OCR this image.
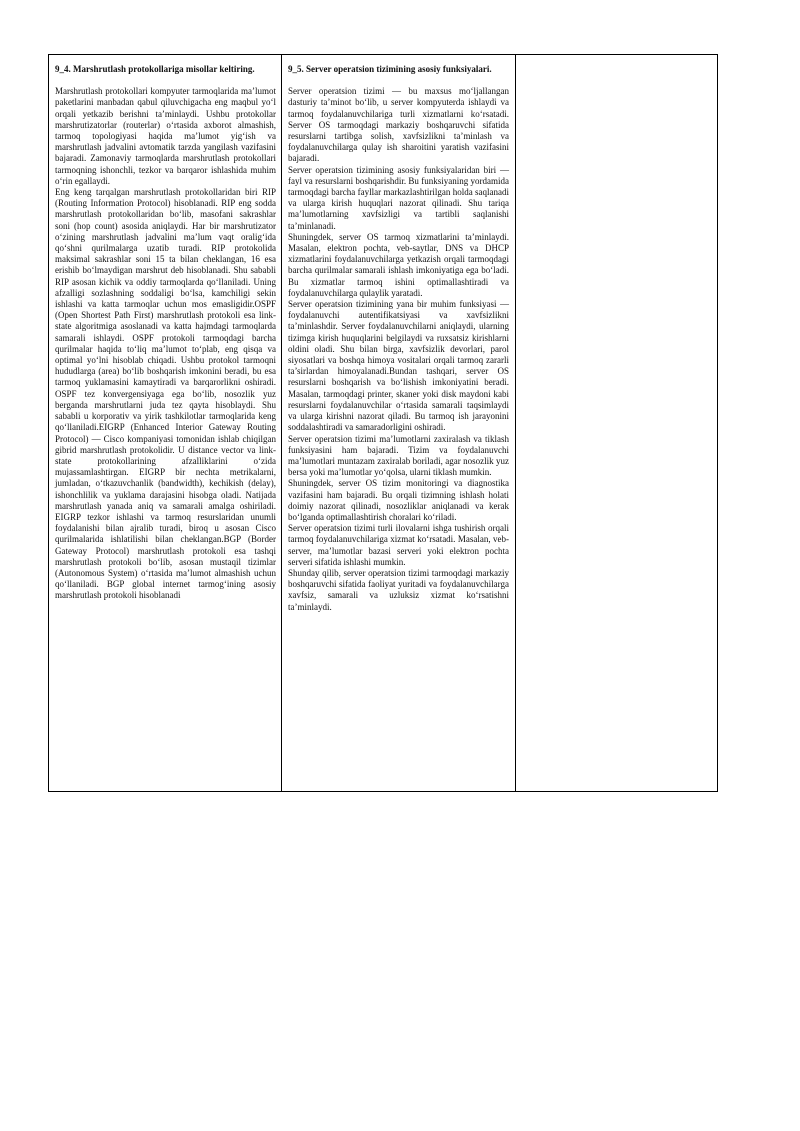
9_4. Marshrutlash protokollariga misollar keltiring.

Marshrutlash protokollari kompyuter tarmoqlarida ma’lumot paketlarini manbadan qabul qiluvchigacha eng maqbul yo‘l orqali yetkazib berishni ta’minlaydi. Ushbu protokollar marshrutizatorlar (routerlar) o‘rtasida axborot almashish, tarmoq topologiyasi haqida ma’lumot yig‘ish va marshrutlash jadvalini avtomatik tarzda yangilash vazifasini bajaradi. Zamonaviy tarmoqlarda marshrutlash protokollari tarmoqning ishonchli, tezkor va barqaror ishlashida muhim o‘rin egallaydi.

Eng keng tarqalgan marshrutlash protokollaridan biri RIP (Routing Information Protocol) hisoblanadi. RIP eng sodda marshrutlash protokollaridan bo‘lib, masofani sakrashlar soni (hop count) asosida aniqlaydi. Har bir marshrutizator o‘zining marshrutlash jadvalini ma’lum vaqt oralig‘ida qo‘shni qurilmalarga uzatib turadi. RIP protokolida maksimal sakrashlar soni 15 ta bilan cheklangan, 16 esa erishib bo‘lmaydigan marshrut deb hisoblanadi. Shu sababli RIP asosan kichik va oddiy tarmoqlarda qo‘llaniladi. Uning afzalligi sozlashning soddaligi bo‘lsa, kamchiligi sekin ishlashi va katta tarmoqlar uchun mos emasligidir.OSPF (Open Shortest Path First) marshrutlash protokoli esa link-state algoritmiga asoslanadi va katta hajmdagi tarmoqlarda samarali ishlaydi. OSPF protokoli tarmoqdagi barcha qurilmalar haqida to‘liq ma’lumot to‘plab, eng qisqa va optimal yo‘lni hisoblab chiqadi. Ushbu protokol tarmoqni hududlarga (area) bo‘lib boshqarish imkonini beradi, bu esa tarmoq yuklamasini kamaytiradi va barqarorlikni oshiradi. OSPF tez konvergensiyaga ega bo‘lib, nosozlik yuz berganda marshrutlarni juda tez qayta hisoblaydi. Shu sababli u korporativ va yirik tashkilotlar tarmoqlarida keng qo‘llaniladi.EIGRP (Enhanced Interior Gateway Routing Protocol) — Cisco kompaniyasi tomonidan ishlab chiqilgan gibrid marshrutlash protokolidir. U distance vector va link-state protokollarining afzalliklarini o‘zida mujassamlashtirgan. EIGRP bir nechta metrikalarni, jumladan, o‘tkazuvchanlik (bandwidth), kechikish (delay), ishonchlilik va yuklama darajasini hisobga oladi. Natijada marshrutlash yanada aniq va samarali amalga oshiriladi. EIGRP tezkor ishlashi va tarmoq resurslaridan unumli foydalanishi bilan ajralib turadi, biroq u asosan Cisco qurilmalarida ishlatilishi bilan cheklangan.BGP (Border Gateway Protocol) marshrutlash protokoli esa tashqi marshrutlash protokoli bo‘lib, asosan mustaqil tizimlar (Autonomous System) o‘rtasida ma’lumot almashish uchun qo‘llaniladi. BGP global internet tarmog‘ining asosiy marshrutlash protokoli hisoblanadi

9_5. Server operatsion tizimining asosiy funksiyalari.

Server operatsion tizimi — bu maxsus mo‘ljallangan dasturiy ta’minot bo‘lib, u server kompyuterda ishlaydi va tarmoq foydalanuvchilariga turli xizmatlarni ko‘rsatadi. Server OS tarmoqdagi markaziy boshqaruvchi sifatida resurslarni tartibga solish, xavfsizlikni ta’minlash va foydalanuvchilarga qulay ish sharoitini yaratish vazifasini bajaradi.

Server operatsion tizimining asosiy funksiyalaridan biri — fayl va resurslarni boshqarishdir. Bu funksiyaning yordamida tarmoqdagi barcha fayllar markazlashtirilgan holda saqlanadi va ularga kirish huquqlari nazorat qilinadi. Shu tariqa ma’lumotlarning xavfsizligi va tartibli saqlanishi ta’minlanadi.

Shuningdek, server OS tarmoq xizmatlarini ta’minlaydi. Masalan, elektron pochta, veb-saytlar, DNS va DHCP xizmatlarini foydalanuvchilarga yetkazish orqali tarmoqdagi barcha qurilmalar samarali ishlash imkoniyatiga ega bo‘ladi. Bu xizmatlar tarmoq ishini optimallashtiradi va foydalanuvchilarga qulaylik yaratadi.

Server operatsion tizimining yana bir muhim funksiyasi — foydalanuvchi autentifikatsiyasi va xavfsizlikni ta’minlashdir. Server foydalanuvchilarni aniqlaydi, ularning tizimga kirish huquqlarini belgilaydi va ruxsatsiz kirishlarni oldini oladi. Shu bilan birga, xavfsizlik devorlari, parol siyosatlari va boshqa himoya vositalari orqali tarmoq zararli ta’sirlardan himoyalanadi.Bundan tashqari, server OS resurslarni boshqarish va bo‘lishish imkoniyatini beradi. Masalan, tarmoqdagi printer, skaner yoki disk maydoni kabi resurslarni foydalanuvchilar o‘rtasida samarali taqsimlaydi va ularga kirishni nazorat qiladi. Bu tarmoq ish jarayonini soddalashtiradi va samaradorligini oshiradi.

Server operatsion tizimi ma’lumotlarni zaxiralash va tiklash funksiyasini ham bajaradi. Tizim va foydalanuvchi ma’lumotlari muntazam zaxiralab boriladi, agar nosozlik yuz bersa yoki ma’lumotlar yo‘qolsa, ularni tiklash mumkin.

Shuningdek, server OS tizim monitoringi va diagnostika vazifasini ham bajaradi. Bu orqali tizimning ishlash holati doimiy nazorat qilinadi, nosozliklar aniqlanadi va kerak bo‘lganda optimallashtirish choralari ko‘riladi.

Server operatsion tizimi turli ilovalarni ishga tushirish orqali tarmoq foydalanuvchilariga xizmat ko‘rsatadi. Masalan, veb-server, ma’lumotlar bazasi serveri yoki elektron pochta serveri sifatida ishlashi mumkin.

Shunday qilib, server operatsion tizimi tarmoqdagi markaziy boshqaruvchi sifatida faoliyat yuritadi va foydalanuvchilarga xavfsiz, samarali va uzluksiz xizmat ko‘rsatishni ta’minlaydi.
